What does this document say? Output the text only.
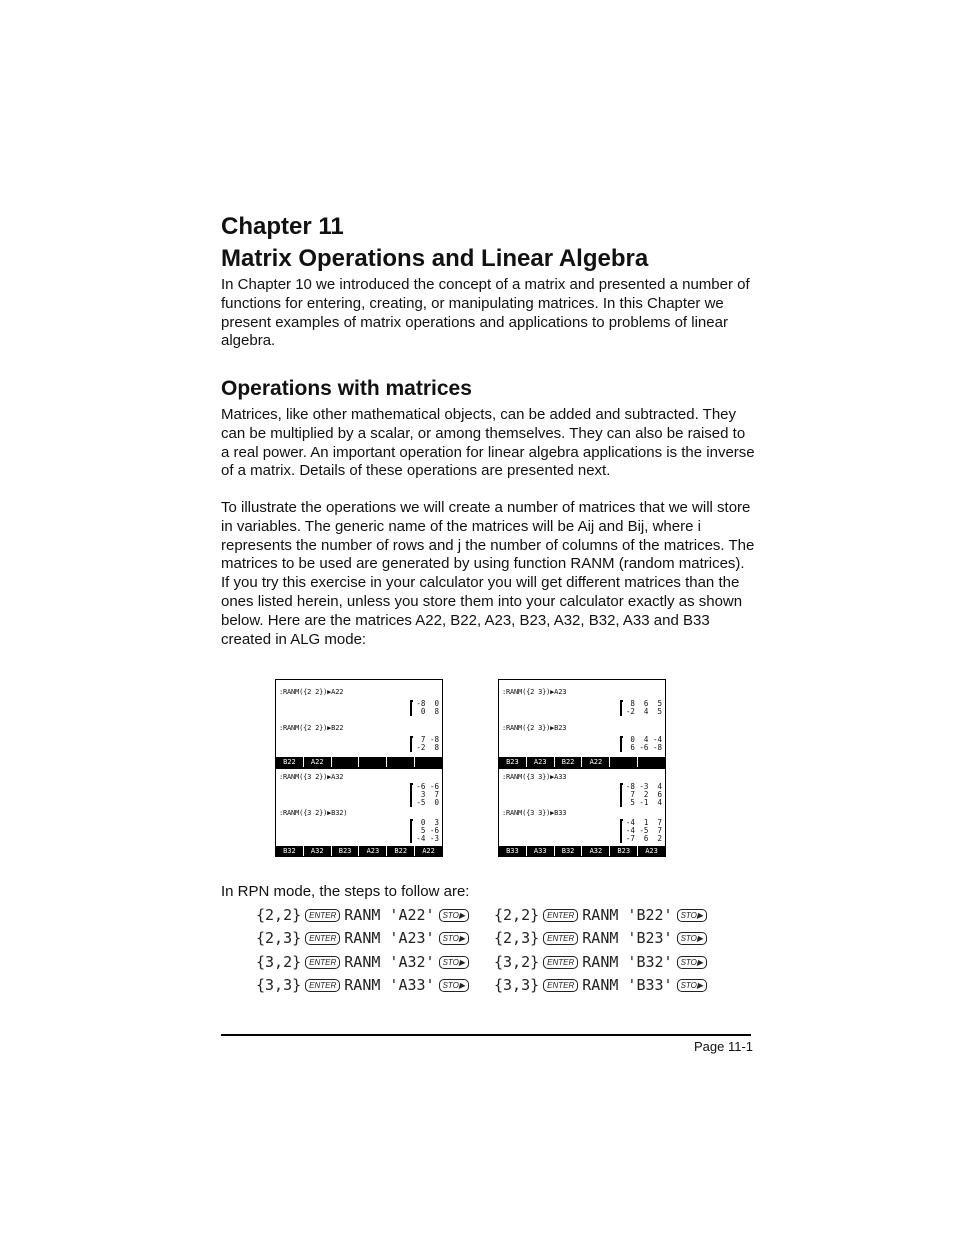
Chapter 11
Matrix Operations and Linear Algebra

In Chapter 10 we introduced the concept of a matrix and presented a number of functions for entering, creating, or manipulating matrices. In this Chapter we present examples of matrix operations and applications to problems of linear algebra.

Operations with matrices

Matrices, like other mathematical objects, can be added and subtracted. They can be multiplied by a scalar, or among themselves. They can also be raised to a real power. An important operation for linear algebra applications is the inverse of a matrix. Details of these operations are presented next.

To illustrate the operations we will create a number of matrices that we will store in variables. The generic name of the matrices will be Aij and Bij, where i represents the number of rows and j the number of columns of the matrices. The matrices to be used are generated by using function RANM (random matrices). If you try this exercise in your calculator you will get different matrices than the ones listed herein, unless you store them into your calculator exactly as shown below. Here are the matrices A22, B22, A23, B23, A32, B32, A33 and B33 created in ALG mode:

:RANM({2 2})▶A22
-8  0
0  8
:RANM({2 2})▶B22
7 -8
-2  8
B22	A22
:RANM({2 3})▶A23
8  6  5
-2  4  5
:RANM({2 3})▶B23
0  4 -4
6 -6 -8
B23	A23	B22	A22
:RANM({3 2})▶A32
-6 -6
3  7
-5  0
:RANM({3 2})▶B32)
0  3
5 -6
-4 -3
B32	A32	B23	A23	B22	A22
:RANM({3 3})▶A33
-8 -3  4
7  2  6
5 -1  4
:RANM({3 3})▶B33
-4  1  7
-4 -5  7
-7  6  2
B33	A33	B32	A32	B23	A23

In RPN mode, the steps to follow are:

{2,2}	ENTER RANM 'A22'	STO▶ {2,2}	ENTER RANM 'B22'	STO▶
{2,3}	ENTER RANM 'A23'	STO▶ {2,3}	ENTER RANM 'B23'	STO▶
{3,2}	ENTER RANM 'A32'	STO▶ {3,2}	ENTER RANM 'B32'	STO▶
{3,3}	ENTER RANM 'A33'	STO▶ {3,3}	ENTER RANM 'B33'	STO▶
Page 11-1
